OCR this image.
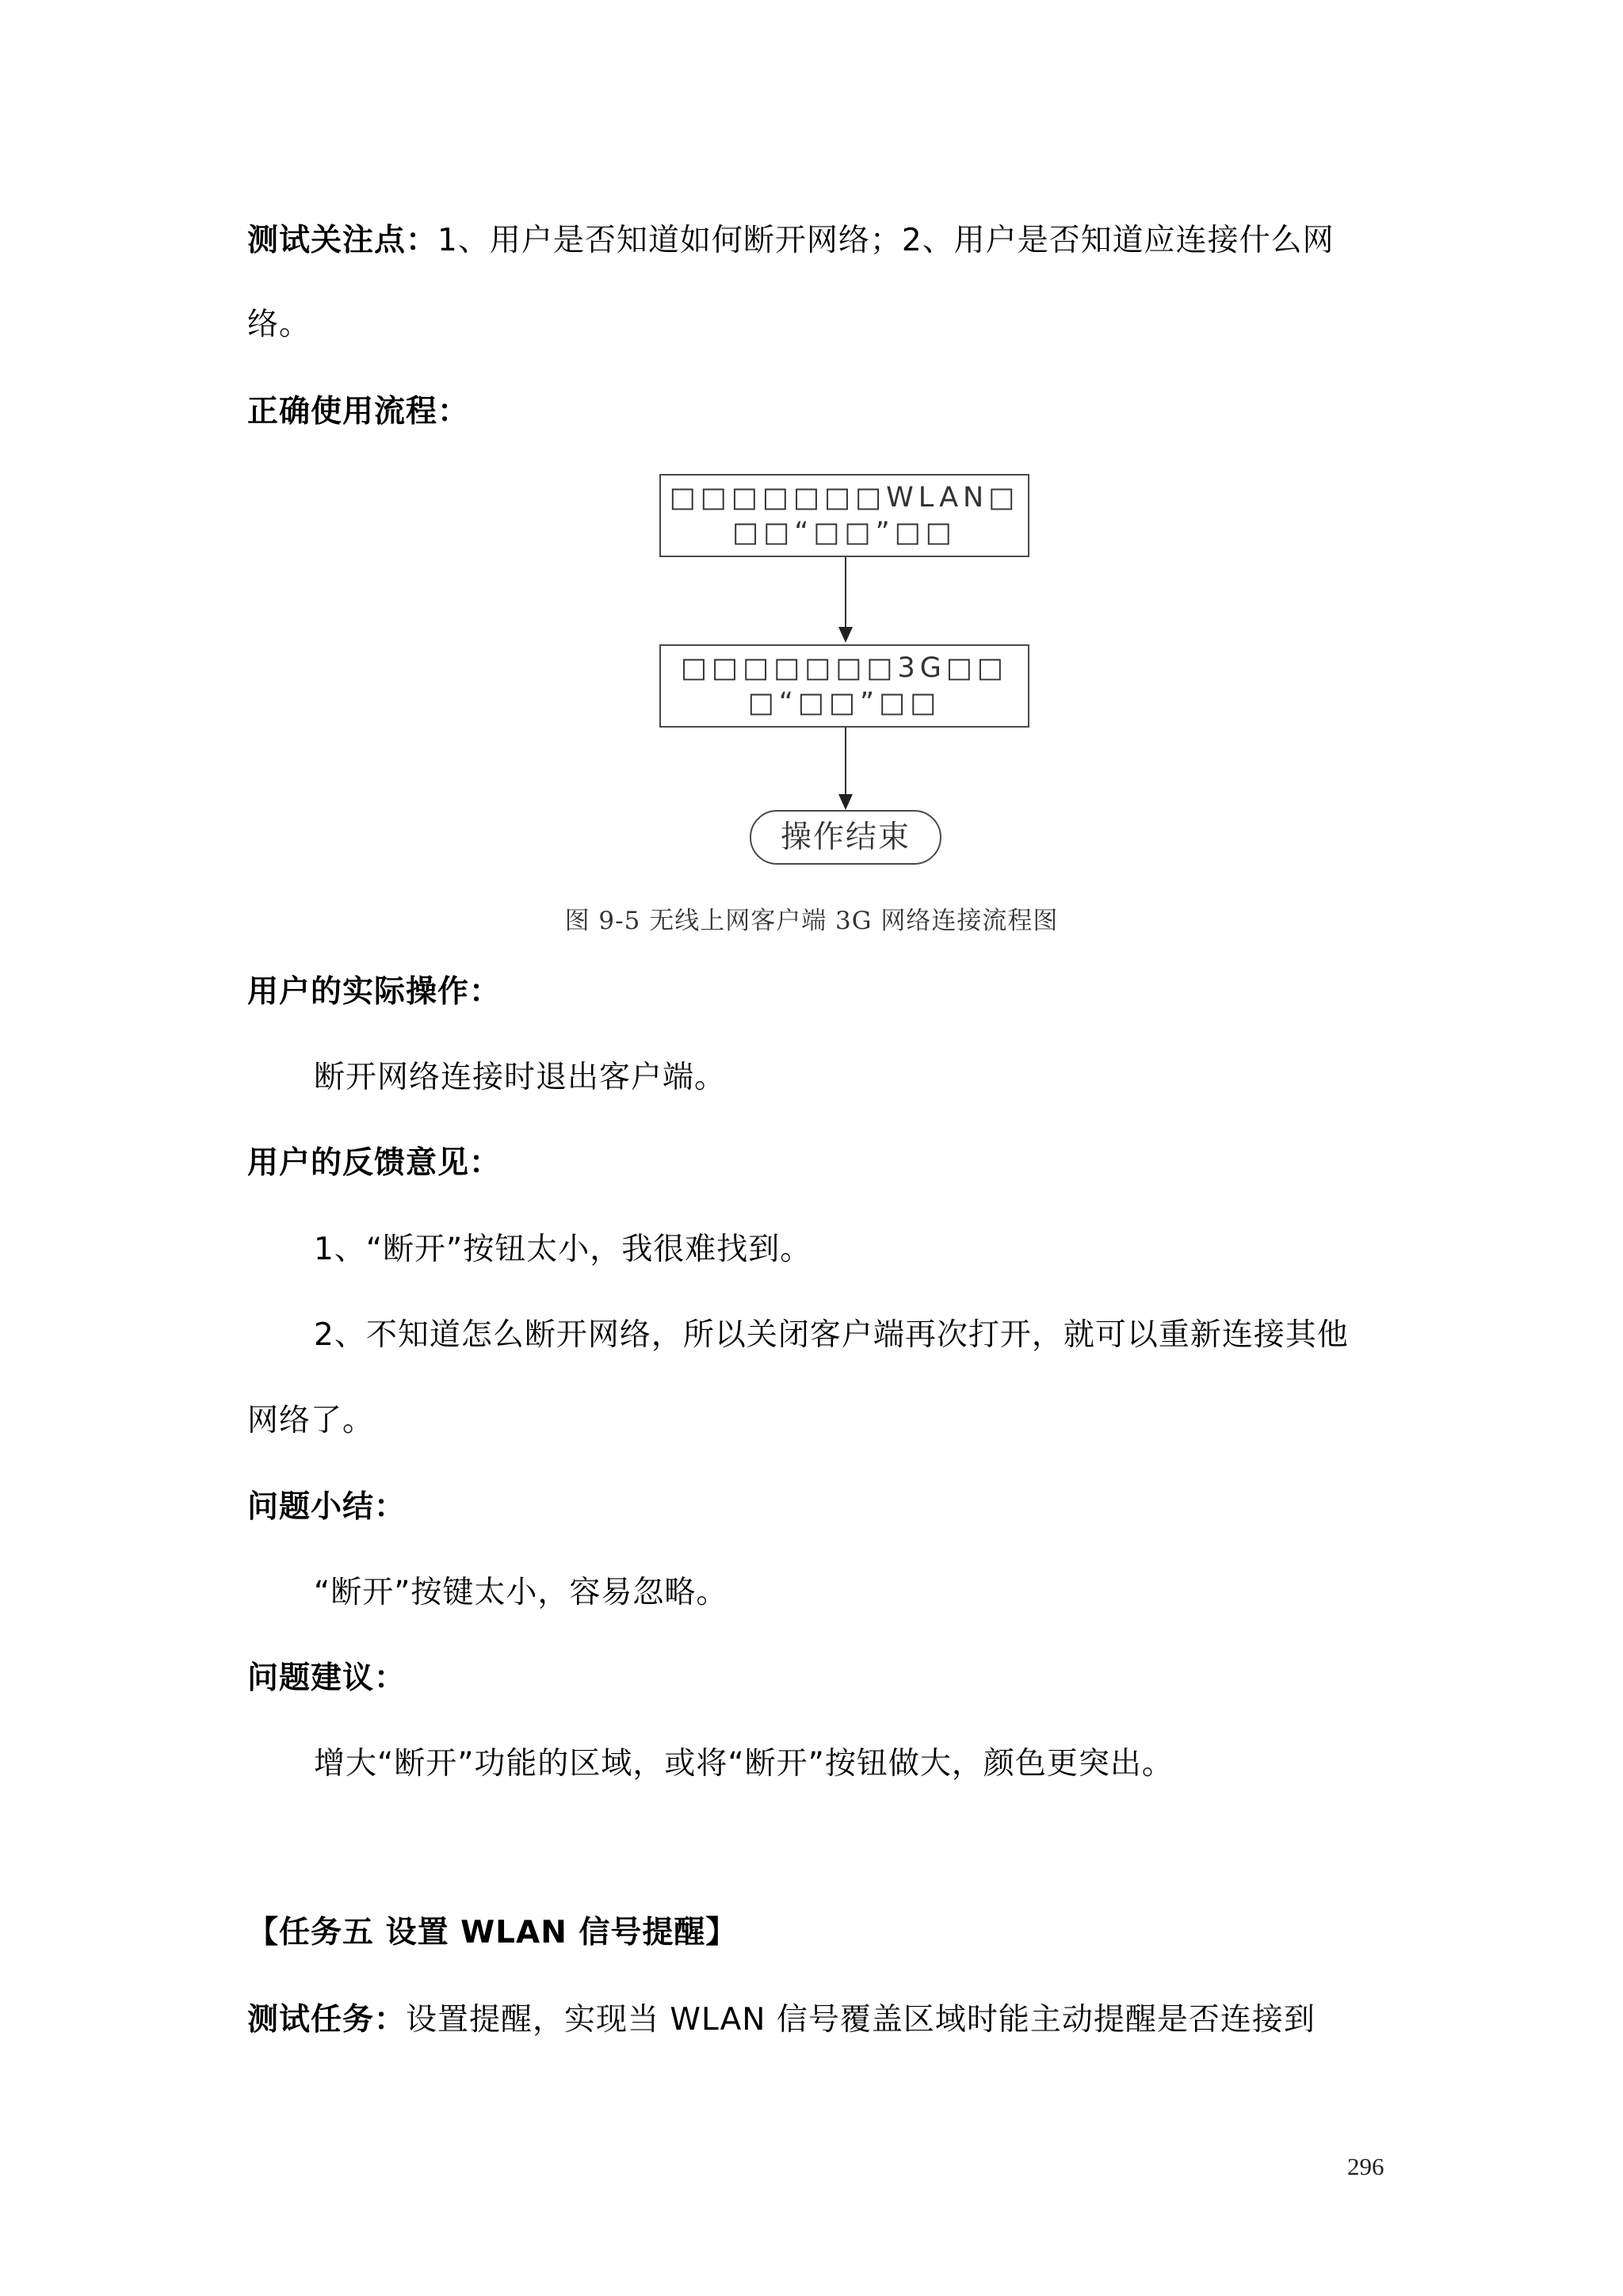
测试关注点：1、用户是否知道如何断开网络；2、用户是否知道应连接什么网
络。
正确使用流程：
□□□□□□□WLAN□
□□“□□”□□
□□□□□□□3G□□
□“□□”□□
操作结束
图 9-5 无线上网客户端 3G 网络连接流程图
用户的实际操作：
断开网络连接时退出客户端。
用户的反馈意见：
1、“断开”按钮太小，我很难找到。
2、不知道怎么断开网络，所以关闭客户端再次打开，就可以重新连接其他
网络了。
问题小结：
“断开”按键太小，容易忽略。
问题建议：
增大“断开”功能的区域，或将“断开”按钮做大，颜色更突出。
【任务五 设置 WLAN 信号提醒】
测试任务：设置提醒，实现当 WLAN 信号覆盖区域时能主动提醒是否连接到
296
